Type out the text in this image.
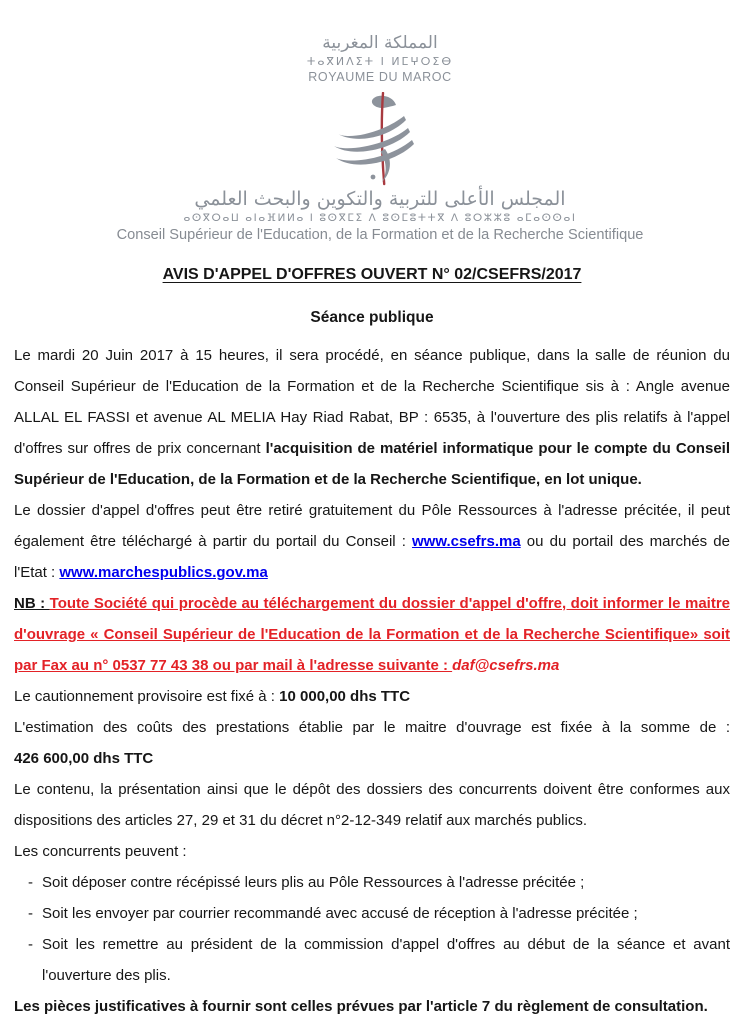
المملكة المغربية
ⵜⴰⴳⵍⴷⵉⵜ ⵏ ⵍⵎⵖⵔⵉⴱ
ROYAUME DU MAROC
المجلس الأعلى للتربية والتكوين والبحث العلمي
ⴰⵙⴳⵔⴰⵡ ⴰⵏⴰⴼⵍⵍⴰ ⵏ ⵓⵙⴳⵎⵉ ⴷ ⵓⵙⵎⵓⵜⵜⴳ ⴷ ⵓⵔⵣⵣⵓ ⴰⵎⴰⵙⵙⴰⵏ
Conseil Supérieur de l'Education, de la Formation et de la Recherche Scientifique
AVIS D'APPEL D'OFFRES OUVERT N° 02/CSEFRS/2017
Séance publique

Le mardi 20 Juin 2017 à 15 heures, il sera procédé, en séance publique, dans la salle de réunion du Conseil Supérieur de l'Education de la Formation et de la Recherche Scientifique sis à : Angle avenue ALLAL EL FASSI et avenue AL MELIA Hay Riad Rabat, BP : 6535, à l'ouverture des plis relatifs à l'appel d'offres sur offres de prix concernant l'acquisition de matériel informatique pour le compte du Conseil Supérieur de l'Education, de la Formation et de la Recherche Scientifique, en lot unique.

Le dossier d'appel d'offres peut être retiré gratuitement du Pôle Ressources à l'adresse précitée, il peut également être téléchargé à partir du portail du Conseil : www.csefrs.ma ou du portail des marchés de l'Etat : www.marchespublics.gov.ma

NB : Toute Société qui procède au téléchargement du dossier d'appel d'offre, doit informer le maitre d'ouvrage « Conseil Supérieur de l'Education de la Formation et de la Recherche Scientifique» soit par Fax au n° 0537 77 43 38 ou par mail à l'adresse suivante : daf@csefrs.ma

Le cautionnement provisoire est fixé à : 10 000,00 dhs TTC

L'estimation des coûts des prestations établie par le maitre d'ouvrage est fixée à la somme de :

426 600,00 dhs TTC

Le contenu, la présentation ainsi que le dépôt des dossiers des concurrents doivent être conformes aux dispositions des articles 27, 29 et 31 du décret n°2-12-349 relatif aux marchés publics.

Les concurrents peuvent :

- Soit déposer contre récépissé leurs plis au Pôle Ressources à l'adresse précitée ;
- Soit les envoyer par courrier recommandé avec accusé de réception à l'adresse précitée ;
- Soit les remettre au président de la commission d'appel d'offres au début de la séance et avant l'ouverture des plis.

Les pièces justificatives à fournir sont celles prévues par l'article 7 du règlement de consultation.
